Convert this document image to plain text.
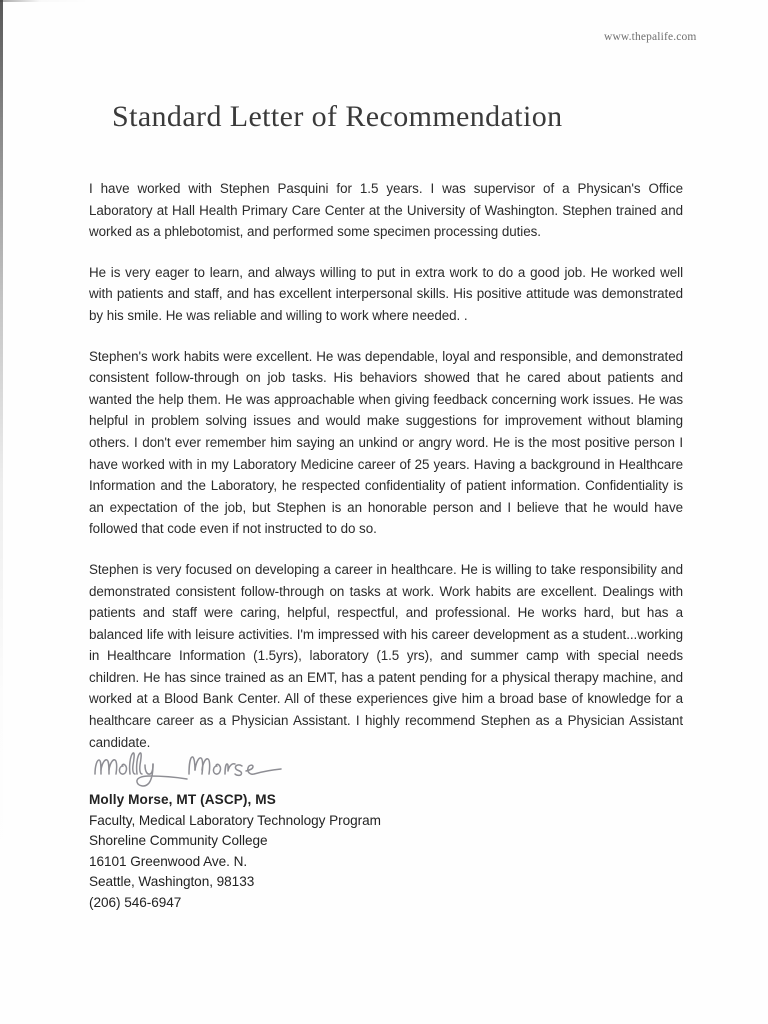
www.thepalife.com
Standard Letter of Recommendation

I have worked with Stephen Pasquini for 1.5 years. I was supervisor of a Physican's Office Laboratory at Hall Health Primary Care Center at the University of Washington. Stephen trained and worked as a phlebotomist, and performed some specimen processing duties.

He is very eager to learn, and always willing to put in extra work to do a good job. He worked well with patients and staff, and has excellent interpersonal skills. His positive attitude was demonstrated by his smile. He was reliable and willing to work where needed. .

Stephen's work habits were excellent. He was dependable, loyal and responsible, and demonstrated consistent follow-through on job tasks. His behaviors showed that he cared about patients and wanted the help them. He was approachable when giving feedback concerning work issues. He was helpful in problem solving issues and would make suggestions for improvement without blaming others. I don't ever remember him saying an unkind or angry word. He is the most positive person I have worked with in my Laboratory Medicine career of 25 years. Having a background in Healthcare Information and the Laboratory, he respected confidentiality of patient information. Confidentiality is an expectation of the job, but Stephen is an honorable person and I believe that he would have followed that code even if not instructed to do so.

Stephen is very focused on developing a career in healthcare. He is willing to take responsibility and demonstrated consistent follow-through on tasks at work. Work habits are excellent. Dealings with patients and staff were caring, helpful, respectful, and professional. He works hard, but has a balanced life with leisure activities. I'm impressed with his career development as a student...working in Healthcare Information (1.5yrs), laboratory (1.5 yrs), and summer camp with special needs children. He has since trained as an EMT, has a patent pending for a physical therapy machine, and worked at a Blood Bank Center. All of these experiences give him a broad base of knowledge for a healthcare career as a Physician Assistant. I highly recommend Stephen as a Physician Assistant candidate.

Molly Morse, MT (ASCP), MS
Faculty, Medical Laboratory Technology Program
Shoreline Community College
16101 Greenwood Ave. N.
Seattle, Washington, 98133
(206) 546-6947
